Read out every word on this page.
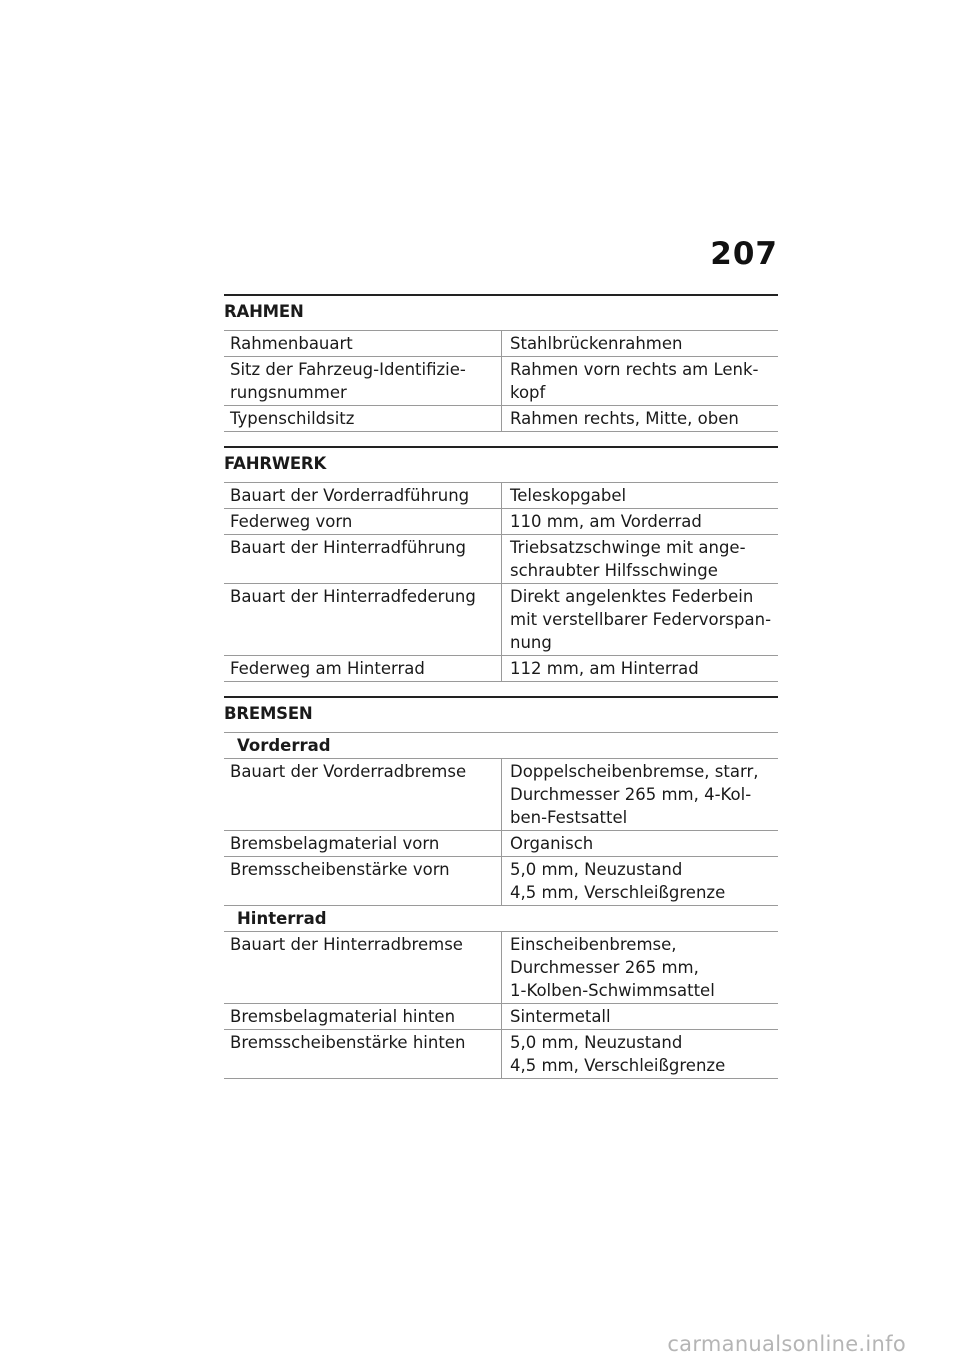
207
RAHMEN
Rahmenbauart	Stahlbrückenrahmen
Sitz der Fahrzeug-Identifizie-
rungsnummer	Rahmen vorn rechts am Lenk-
kopf
Typenschildsitz	Rahmen rechts, Mitte, oben
FAHRWERK
Bauart der Vorderradführung	Teleskopgabel
Federweg vorn	110 mm, am Vorderrad
Bauart der Hinterradführung	Triebsatzschwinge mit ange-
schraubter Hilfsschwinge
Bauart der Hinterradfederung	Direkt angelenktes Federbein
mit verstellbarer Federvorspan-
nung
Federweg am Hinterrad	112 mm, am Hinterrad
BREMSEN
Vorderrad	
Bauart der Vorderradbremse	Doppelscheibenbremse, starr,
Durchmesser 265 mm, 4-Kol-
ben-Festsattel
Bremsbelagmaterial vorn	Organisch
Bremsscheibenstärke vorn	5,0 mm, Neuzustand
4,5 mm, Verschleißgrenze
Hinterrad	
Bauart der Hinterradbremse	Einscheibenbremse,
Durchmesser 265 mm,
1-Kolben-Schwimmsattel
Bremsbelagmaterial hinten	Sintermetall
Bremsscheibenstärke hinten	5,0 mm, Neuzustand
4,5 mm, Verschleißgrenze
carmanualsonline.info
